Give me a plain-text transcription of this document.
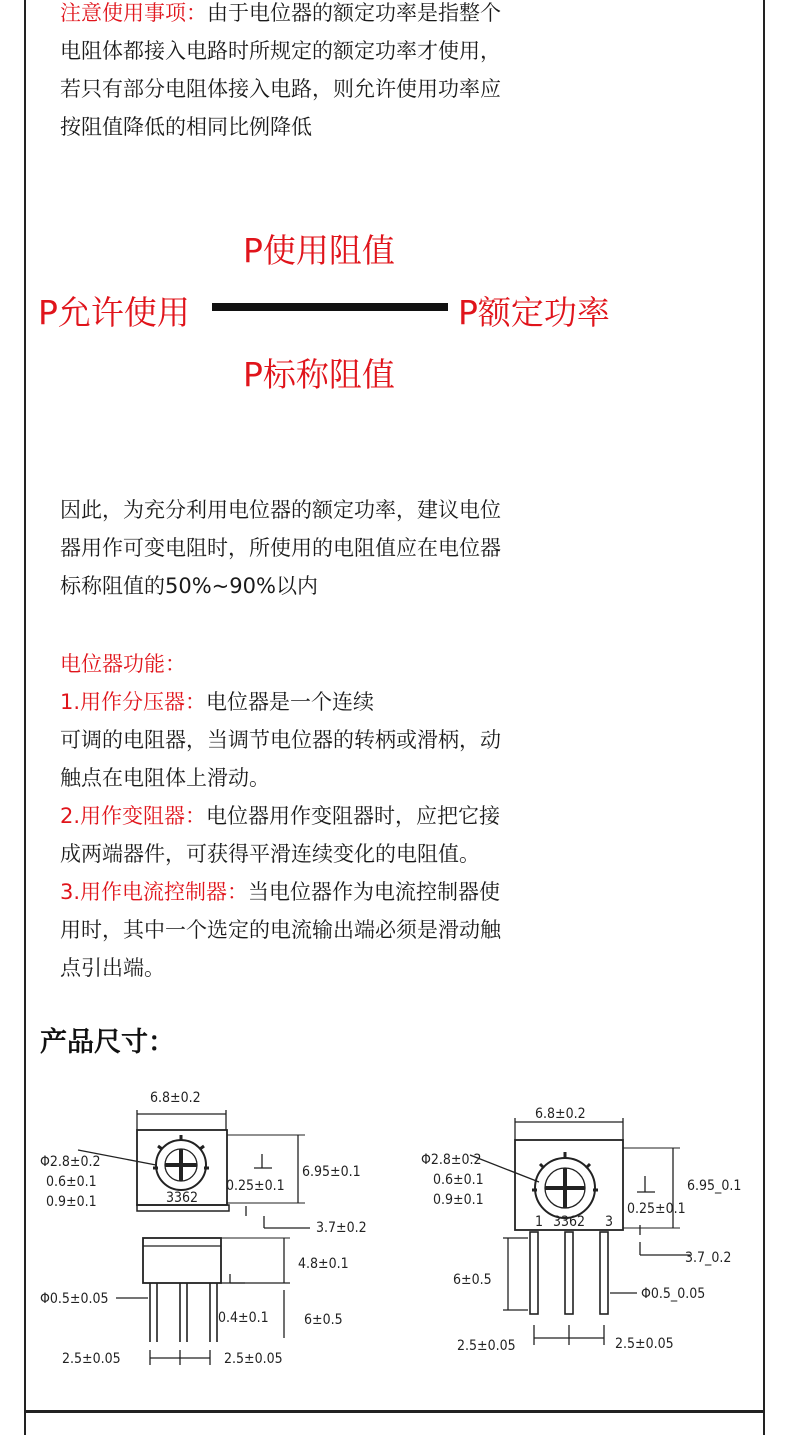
注意使用事项：由于电位器的额定功率是指整个
电阻体都接入电路时所规定的额定功率才使用，
若只有部分电阻体接入电路，则允许使用功率应
按阻值降低的相同比例降低
P使用阻值
P允许使用	P额定功率
P标称阻值
因此，为充分利用电位器的额定功率，建议电位
器用作可变电阻时，所使用的电阻值应在电位器
标称阻值的50%~90%以内
电位器功能：
1.用作分压器：电位器是一个连续
可调的电阻器，当调节电位器的转柄或滑柄，动
触点在电阻体上滑动。
2.用作变阻器：电位器用作变阻器时，应把它接
成两端器件，可获得平滑连续变化的电阻值。
3.用作电流控制器：当电位器作为电流控制器使
用时，其中一个选定的电流输出端必须是滑动触
点引出端。
产品尺寸：
6.8±0.2
Φ2.8±0.2
0.6±0.1
0.9±0.1	3362
0.25±0.1
6.95±0.1
3.7±0.2
4.8±0.1
Φ0.5±0.05
0.4±0.1	6±0.5
2.5±0.05	2.5±0.05
6.8±0.2
Φ2.8±0.2
0.6±0.1
0.9±0.1
3362
1	3
6.95_0.1
0.25±0.1
3.7_0.2
6±0.5
Φ0.5_0.05
2.5±0.05	2.5±0.05
